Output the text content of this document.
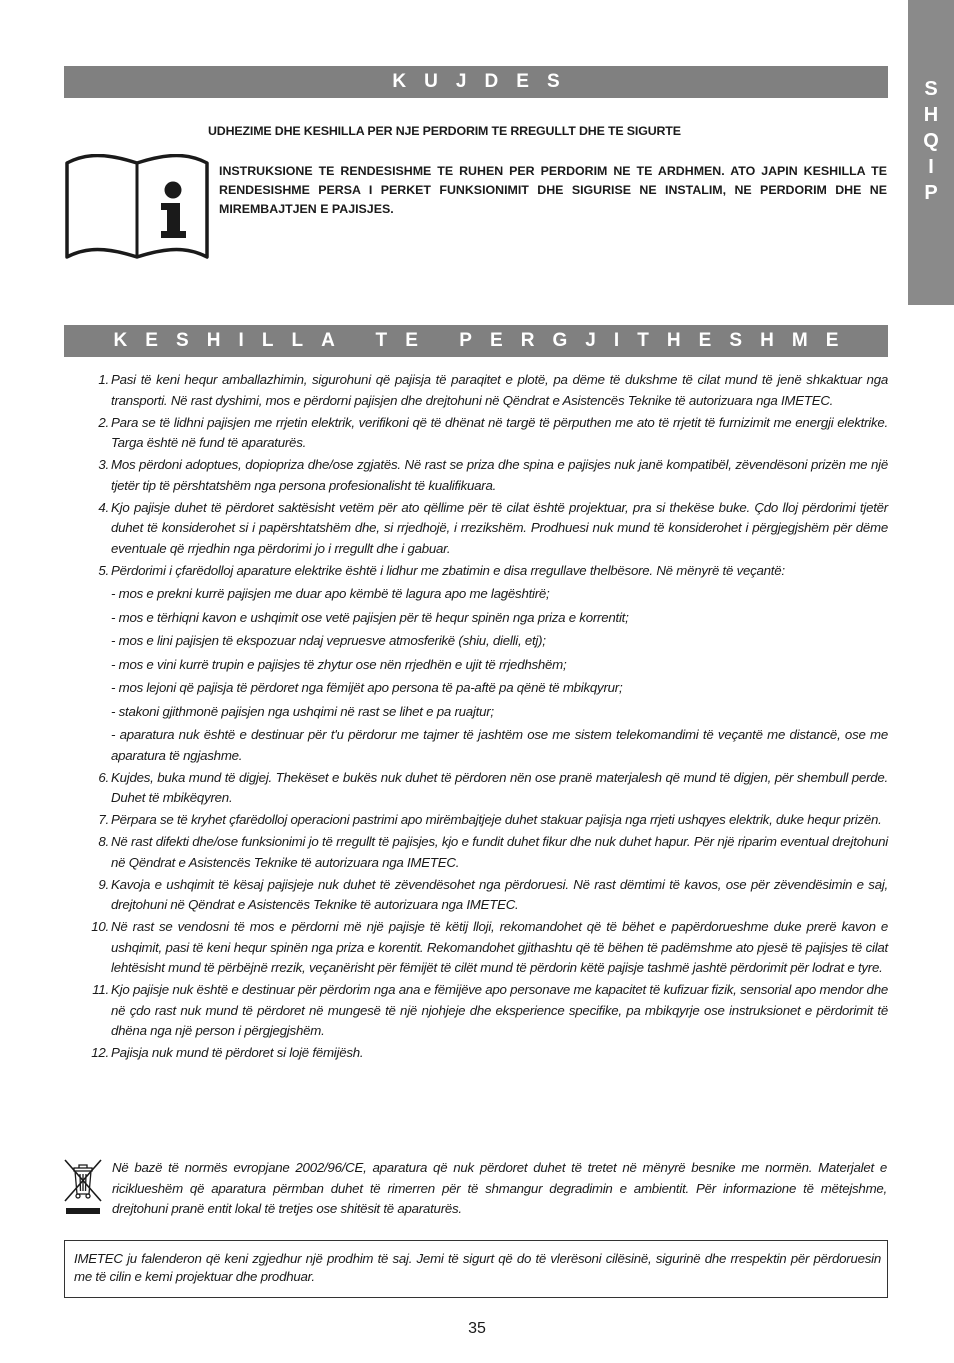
S
H
Q
I
P
KUJDES
UDHEZIME DHE KESHILLA PER NJE PERDORIM TE RREGULLT DHE TE SIGURTE
INSTRUKSIONE TE RENDESISHME TE RUHEN PER PERDORIM NE TE ARDHMEN. ATO JAPIN KESHILLA TE RENDESISHME PERSA I PERKET FUNKSIONIMIT DHE SIGURISE NE INSTALIM, NE PERDORIM DHE NE MIREMBAJTJEN E PAJISJES.
KESHILLA TE PERGJITHESHME
1. Pasi të keni hequr amballazhimin, sigurohuni që pajisja të paraqitet e plotë, pa dëme të dukshme të cilat mund të jenë shkaktuar nga transporti. Në rast dyshimi, mos e përdorni pajisjen dhe drejtohuni në Qëndrat e Asistencës Teknike të autorizuara nga IMETEC.
2. Para se të lidhni pajisjen me rrjetin elektrik, verifikoni që të dhënat në targë të përputhen me ato të rrjetit të furnizimit me energji elektrike. Targa është në fund të aparaturës.
3. Mos përdoni adoptues, dopiopriza dhe/ose zgjatës. Në rast se priza dhe spina e pajisjes nuk janë kompatibël, zëvendësoni prizën me një tjetër tip të përshtatshëm nga persona profesionalisht të kualifikuara.
4. Kjo pajisje duhet të përdoret saktësisht vetëm për ato qëllime për të cilat është projektuar, pra si thekëse buke. Çdo lloj përdorimi tjetër duhet të konsiderohet si i papërshtatshëm dhe, si rrjedhojë, i rrezikshëm. Prodhuesi nuk mund të konsiderohet i përgjegjshëm për dëme eventuale që rrjedhin nga përdorimi jo i rregullt dhe i gabuar.
5. Përdorimi i çfarëdolloj aparature elektrike është i lidhur me zbatimin e disa rregullave thelbësore. Në mënyrë të veçantë:
- mos e prekni kurrë pajisjen me duar apo këmbë të lagura apo me lagështirë;
- mos e tërhiqni kavon e ushqimit ose vetë pajisjen për të hequr spinën nga priza e korrentit;
- mos e lini pajisjen të ekspozuar ndaj vepruesve atmosferikë (shiu, dielli, etj);
- mos e vini kurrë trupin e pajisjes të zhytur ose nën rrjedhën e ujit të rrjedhshëm;
- mos lejoni që pajisja të përdoret nga fëmijët apo persona të pa-aftë pa qënë të mbikqyrur;
- stakoni gjithmonë pajisjen nga ushqimi në rast se lihet e pa ruajtur;
- aparatura nuk është e destinuar për t'u përdorur me tajmer të jashtëm ose me sistem telekomandimi të veçantë me distancë, ose me aparatura të ngjashme.
6. Kujdes, buka mund të digjej. Thekëset e bukës nuk duhet të përdoren nën ose pranë materjalesh që mund të digjen, për shembull perde. Duhet të mbikëqyren.
7. Përpara se të kryhet çfarëdolloj operacioni pastrimi apo mirëmbajtjeje duhet stakuar pajisja nga rrjeti ushqyes elektrik, duke hequr prizën.
8. Në rast difekti dhe/ose funksionimi jo të rregullt të pajisjes, kjo e fundit duhet fikur dhe nuk duhet hapur. Për një riparim eventual drejtohuni në Qëndrat e Asistencës Teknike të autorizuara nga IMETEC.
9. Kavoja e ushqimit të kësaj pajisjeje nuk duhet të zëvendësohet nga përdoruesi. Në rast dëmtimi të kavos, ose për zëvendësimin e saj, drejtohuni në Qëndrat e Asistencës Teknike të autorizuara nga IMETEC.
10. Në rast se vendosni të mos e përdorni më një pajisje të këtij lloji, rekomandohet që të bëhet e papërdorueshme duke prerë kavon e ushqimit, pasi të keni hequr spinën nga priza e korentit. Rekomandohet gjithashtu që të bëhen të padëmshme ato pjesë të pajisjes të cilat lehtësisht mund të përbëjnë rrezik, veçanërisht për fëmijët të cilët mund të përdorin këtë pajisje tashmë jashtë përdorimit për lodrat e tyre.
11. Kjo pajisje nuk është e destinuar për përdorim nga ana e fëmijëve apo personave me kapacitet të kufizuar fizik, sensorial apo mendor dhe në çdo rast nuk mund të përdoret në mungesë të një njohjeje dhe eksperience specifike, pa mbikqyrje ose instruksionet e përdorimit të dhëna nga një person i përgjegjshëm.
12. Pajisja nuk mund të përdoret si lojë fëmijësh.
Në bazë të normës evropjane 2002/96/CE, aparatura që nuk përdoret duhet të tretet në mënyrë besnike me normën. Materjalet e riciklueshëm që aparatura përmban duhet të rimerren për të shmangur degradimin e ambientit. Për informazione të mëtejshme, drejtohuni pranë entit lokal të tretjes ose shitësit të aparaturës.
IMETEC ju falenderon që keni zgjedhur një prodhim të saj. Jemi të sigurt që do të vlerësoni cilësinë, sigurinë dhe rrespektin për përdoruesin me të cilin e kemi projektuar dhe prodhuar.
35
